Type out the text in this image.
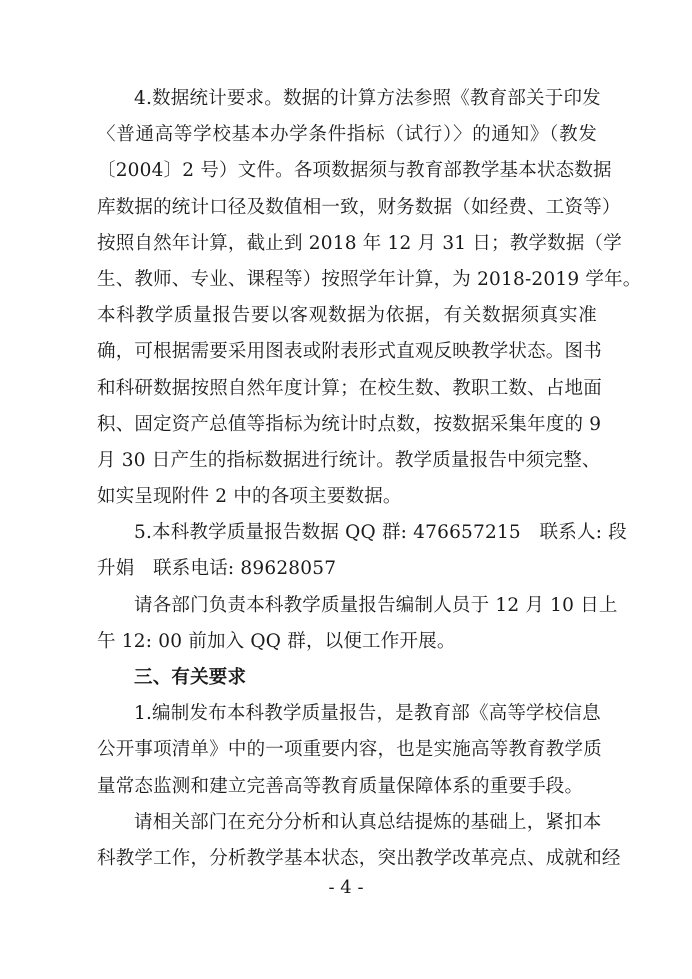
4.数据统计要求。数据的计算方法参照《教育部关于印发
〈普通高等学校基本办学条件指标（试行）〉的通知》（教发
〔2004〕2 号）文件。各项数据须与教育部教学基本状态数据
库数据的统计口径及数值相一致，财务数据（如经费、工资等）
按照自然年计算，截止到 2018 年 12 月 31 日；教学数据（学
生、教师、专业、课程等）按照学年计算，为 2018-2019 学年。
本科教学质量报告要以客观数据为依据，有关数据须真实准
确，可根据需要采用图表或附表形式直观反映教学状态。图书
和科研数据按照自然年度计算；在校生数、教职工数、占地面
积、固定资产总值等指标为统计时点数，按数据采集年度的 9
月 30 日产生的指标数据进行统计。教学质量报告中须完整、
如实呈现附件 2 中的各项主要数据。
5.本科教学质量报告数据 QQ 群: 476657215　联系人: 段
升娟　联系电话: 89628057
请各部门负责本科教学质量报告编制人员于 12 月 10 日上
午 12: 00 前加入 QQ 群，以便工作开展。
三、有关要求
1.编制发布本科教学质量报告，是教育部《高等学校信息
公开事项清单》中的一项重要内容，也是实施高等教育教学质
量常态监测和建立完善高等教育质量保障体系的重要手段。
请相关部门在充分分析和认真总结提炼的基础上，紧扣本
科教学工作，分析教学基本状态，突出教学改革亮点、成就和经
- 4 -
